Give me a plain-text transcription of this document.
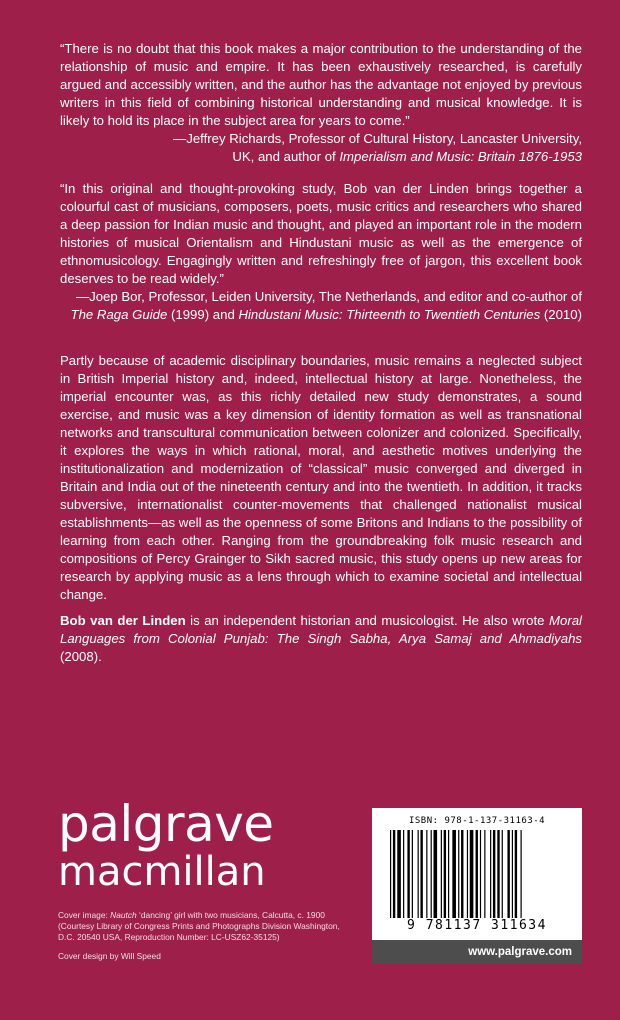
“There is no doubt that this book makes a major contribution to the understanding of the relationship of music and empire. It has been exhaustively researched, is carefully argued and accessibly written, and the author has the advantage not enjoyed by previous writers in this field of combining historical understanding and musical knowledge. It is likely to hold its place in the subject area for years to come.”
—Jeffrey Richards, Professor of Cultural History, Lancaster University,
UK, and author of Imperialism and Music: Britain 1876-1953
“In this original and thought-provoking study, Bob van der Linden brings together a colourful cast of musicians, composers, poets, music critics and researchers who shared a deep passion for Indian music and thought, and played an important role in the modern histories of musical Orientalism and Hindustani music as well as the emergence of ethnomusicology. Engagingly written and refreshingly free of jargon, this excellent book deserves to be read widely.”
—Joep Bor, Professor, Leiden University, The Netherlands, and editor and co-author of
The Raga Guide (1999) and Hindustani Music: Thirteenth to Twentieth Centuries (2010)
Partly because of academic disciplinary boundaries, music remains a neglected subject in British Imperial history and, indeed, intellectual history at large. Nonetheless, the imperial encounter was, as this richly detailed new study demonstrates, a sound exercise, and music was a key dimension of identity formation as well as transnational networks and transcultural communication between colonizer and colonized. Specifically, it explores the ways in which rational, moral, and aesthetic motives underlying the institutionalization and modernization of “classical” music converged and diverged in Britain and India out of the nineteenth century and into the twentieth. In addition, it tracks subversive, internationalist counter-movements that challenged nationalist musical establishments—as well as the openness of some Britons and Indians to the possibility of learning from each other. Ranging from the groundbreaking folk music research and compositions of Percy Grainger to Sikh sacred music, this study opens up new areas for research by applying music as a lens through which to examine societal and intellectual change.
Bob van der Linden is an independent historian and musicologist. He also wrote Moral Languages from Colonial Punjab: The Singh Sabha, Arya Samaj and Ahmadiyahs (2008).
palgrave
macmillan
Cover image: Nautch ‘dancing’ girl with two musicians, Calcutta, c. 1900 (Courtesy Library of Congress Prints and Photographs Division Washington, D.C. 20540 USA, Reproduction Number: LC-USZ62-35125)
Cover design by Will Speed
ISBN: 978-1-137-31163-4
9 781137 311634
www.palgrave.com
